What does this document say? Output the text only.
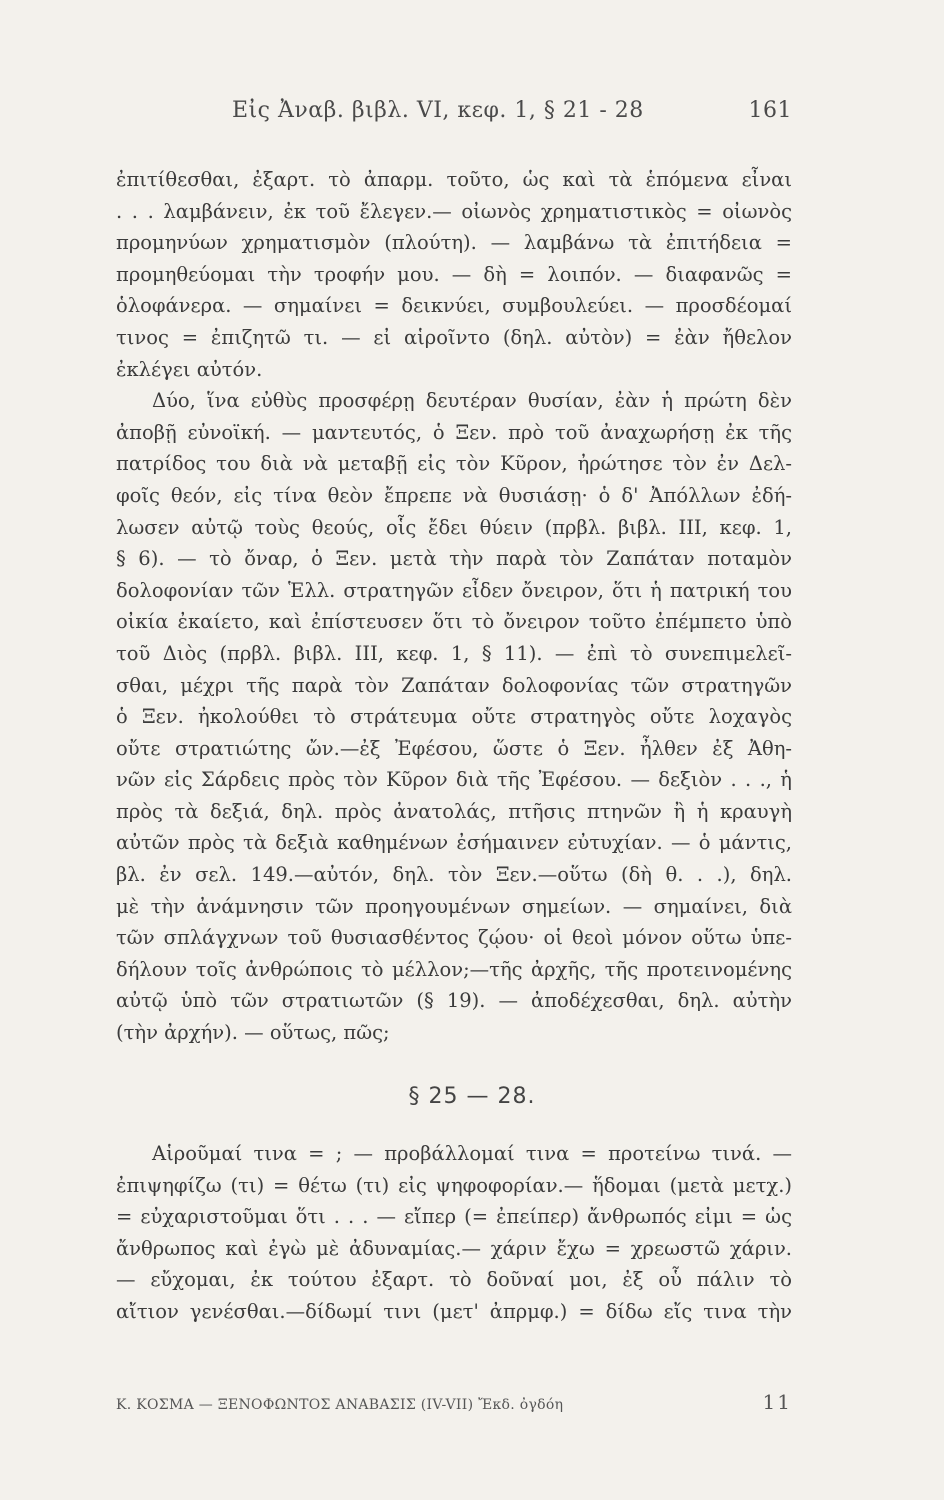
Εἰς Ἀναβ. βιβλ. VI, κεφ. 1, § 21 - 28	161
ἐπιτίθεσθαι, ἐξαρτ. τὸ ἀπαρμ. τοῦτο, ὡς καὶ τὰ ἑπόμενα εἶναι
. . . λαμβάνειν, ἐκ τοῦ ἔλεγεν.— οἰωνὸς χρηματιστικὸς = οἰωνὸς
προμηνύων χρηματισμὸν (πλούτη). — λαμβάνω τὰ ἐπιτήδεια =
προμηθεύομαι τὴν τροφήν μου. — δὴ = λοιπόν. — διαφανῶς =
ὁλοφάνερα. — σημαίνει = δεικνύει, συμβουλεύει. — προσδέομαί
τινος = ἐπιζητῶ τι. — εἰ αἱροῖντο (δηλ. αὐτὸν) = ἐὰν ἤθελον
ἐκλέγει αὐτόν.
Δύο, ἵνα εὐθὺς προσφέρῃ δευτέραν θυσίαν, ἐὰν ἡ πρώτη δὲν
ἀποβῇ εὐνοϊκή. — μαντευτός, ὁ Ξεν. πρὸ τοῦ ἀναχωρήσῃ ἐκ τῆς
πατρίδος του διὰ νὰ μεταβῇ εἰς τὸν Κῦρον, ἠρώτησε τὸν ἐν Δελ-
φοῖς θεόν, εἰς τίνα θεὸν ἔπρεπε νὰ θυσιάσῃ· ὁ δ' Ἀπόλλων ἐδή-
λωσεν αὐτῷ τοὺς θεούς, οἷς ἔδει θύειν (πρβλ. βιβλ. III, κεφ. 1,
§ 6). — τὸ ὄναρ, ὁ Ξεν. μετὰ τὴν παρὰ τὸν Ζαπάταν ποταμὸν
δολοφονίαν τῶν Ἑλλ. στρατηγῶν εἶδεν ὄνειρον, ὅτι ἡ πατρική του
οἰκία ἐκαίετο, καὶ ἐπίστευσεν ὅτι τὸ ὄνειρον τοῦτο ἐπέμπετο ὑπὸ
τοῦ Διὸς (πρβλ. βιβλ. III, κεφ. 1, § 11). — ἐπὶ τὸ συνεπιμελεῖ-
σθαι, μέχρι τῆς παρὰ τὸν Ζαπάταν δολοφονίας τῶν στρατηγῶν
ὁ Ξεν. ἠκολούθει τὸ στράτευμα οὔτε στρατηγὸς οὔτε λοχαγὸς
οὔτε στρατιώτης ὤν.—ἐξ Ἐφέσου, ὥστε ὁ Ξεν. ἦλθεν ἐξ Ἀθη-
νῶν εἰς Σάρδεις πρὸς τὸν Κῦρον διὰ τῆς Ἐφέσου. — δεξιὸν . . ., ἡ
πρὸς τὰ δεξιά, δηλ. πρὸς ἀνατολάς, πτῆσις πτηνῶν ἢ ἡ κραυγὴ
αὐτῶν πρὸς τὰ δεξιὰ καθημένων ἐσήμαινεν εὐτυχίαν. — ὁ μάντις,
βλ. ἐν σελ. 149.—αὐτόν, δηλ. τὸν Ξεν.—οὕτω (δὴ θ. . .), δηλ.
μὲ τὴν ἀνάμνησιν τῶν προηγουμένων σημείων. — σημαίνει, διὰ
τῶν σπλάγχνων τοῦ θυσιασθέντος ζῴου· οἱ θεοὶ μόνον οὕτω ὑπε-
δήλουν τοῖς ἀνθρώποις τὸ μέλλον;—τῆς ἀρχῆς, τῆς προτεινομένης
αὐτῷ ὑπὸ τῶν στρατιωτῶν (§ 19). — ἀποδέχεσθαι, δηλ. αὐτὴν
(τὴν ἀρχήν). — οὕτως, πῶς;
§ 25 — 28.
Αἱροῦμαί τινα = ; — προβάλλομαί τινα = προτείνω τινά. —
ἐπιψηφίζω (τι) = θέτω (τι) εἰς ψηφοφορίαν.— ἥδομαι (μετὰ μετχ.)
= εὐχαριστοῦμαι ὅτι . . . — εἴπερ (= ἐπείπερ) ἄνθρωπός εἰμι = ὡς
ἄνθρωπος καὶ ἐγὼ μὲ ἀδυναμίας.— χάριν ἔχω = χρεωστῶ χάριν.
— εὔχομαι, ἐκ τούτου ἐξαρτ. τὸ δοῦναί μοι, ἐξ οὗ πάλιν τὸ
αἴτιον γενέσθαι.—δίδωμί τινι (μετ' ἀπρμφ.) = δίδω εἴς τινα τὴν
Κ. ΚΟΣΜΑ — ΞΕΝΟΦΩΝΤΟΣ ΑΝΑΒΑΣΙΣ (IV-VII) Ἔκδ. ὀγδόη	11
